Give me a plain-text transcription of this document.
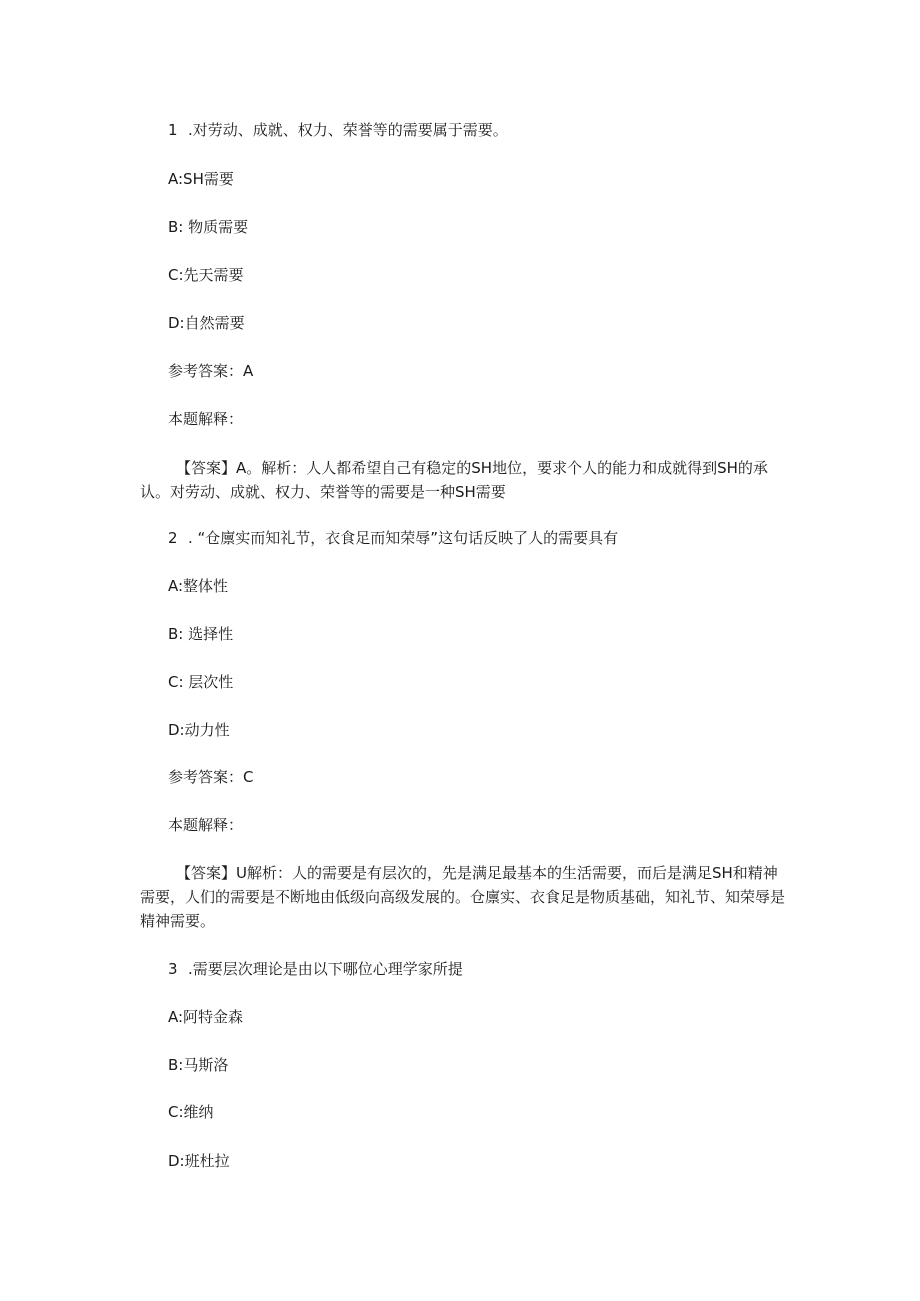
1 .对劳动、成就、权力、荣誉等的需要属于需要。
A:SH需要
B: 物质需要
C:先天需要
D:自然需要
参考答案：A
本题解释：
【答案】A。解析：人人都希望自己有稳定的SH地位，要求个人的能力和成就得到SH的承认。对劳动、成就、权力、荣誉等的需要是一种SH需要
2 . “仓廪实而知礼节，衣食足而知荣辱”这句话反映了人的需要具有
A:整体性
B: 选择性
C: 层次性
D:动力性
参考答案：C
本题解释：
【答案】U解析：人的需要是有层次的，先是满足最基本的生活需要，而后是满足SH和精神需要，人们的需要是不断地由低级向高级发展的。仓廪实、衣食足是物质基础，知礼节、知荣辱是精神需要。
3 .需要层次理论是由以下哪位心理学家所提
A:阿特金森
B:马斯洛
C:维纳
D:班杜拉
